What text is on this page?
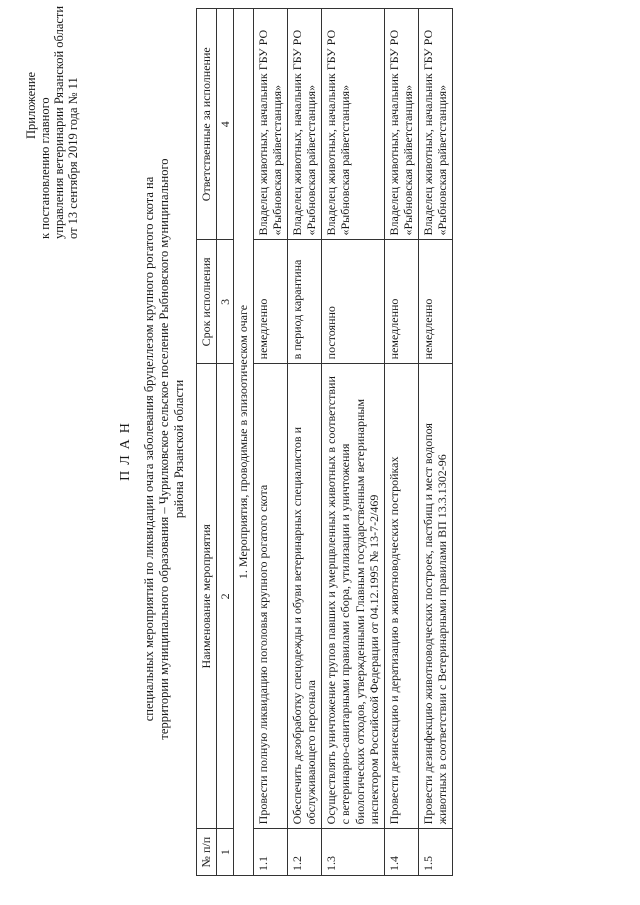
Приложение к постановлению главного управления ветеринарии Рязанской области от 13 сентября 2019 года № 11
ПЛАН специальных мероприятий по ликвидации очага заболевания бруцеллезом крупного рогатого скота на территории муниципального образования – Чурилковское сельское поселение Рыбновского муниципального района Рязанской области
№ п/п	Наименование мероприятия	Срок исполнения	Ответственные за исполнение
1	2	3	4
1. Мероприятия, проводимые в эпизоотическом очаге			
1.1	Провести полную ликвидацию поголовья крупного рогатого скота	немедленно	Владелец животных, начальник ГБУ РО «Рыбновская райветстанция»
1.2	Обеспечить дезобработку спецодежды и обуви ветеринарных специалистов и обслуживающего персонала	в период карантина	Владелец животных, начальник ГБУ РО «Рыбновская райветстанция»
1.3	Осуществлять уничтожение трупов павших и умерщвленных животных в соответствии с ветеринарно-санитарными правилами сбора, утилизации и уничтожения биологических отходов, утвержденными Главным государственным ветеринарным инспектором Российской Федерации от 04.12.1995 № 13-7-2/469	постоянно	Владелец животных, начальник ГБУ РО «Рыбновская райветстанция»
1.4	Провести дезинсекцию и дератизацию в животноводческих постройках	немедленно	Владелец животных, начальник ГБУ РО «Рыбновская райветстанция»
1.5	Провести дезинфекцию животноводческих построек, пастбищ и мест водопоя животных в соответствии с Ветеринарными правилами ВП 13.3.1302-96	немедленно	Владелец животных, начальник ГБУ РО «Рыбновская райветстанция»
